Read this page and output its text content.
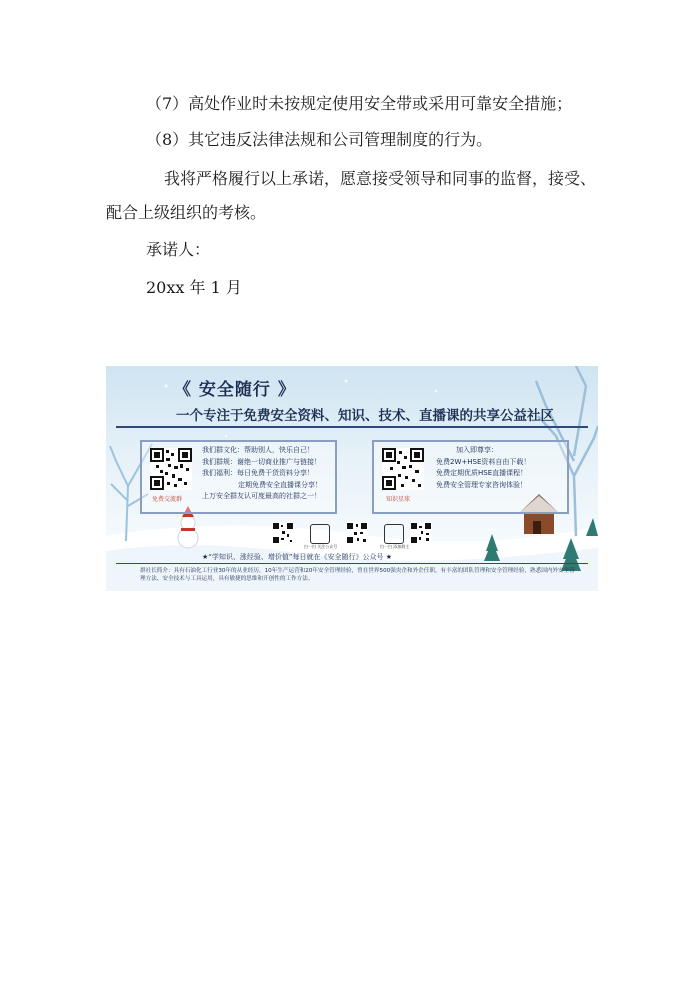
（7）高处作业时未按规定使用安全带或采用可靠安全措施；
（8）其它违反法律法规和公司管理制度的行为。
我将严格履行以上承诺，愿意接受领导和同事的监督，接受、
配合上级组织的考核。
承诺人：
20xx 年 1 月
《 安全随行 》
一个专注于免费安全资料、知识、技术、直播课的共享公益社区
免费交流群
我们群文化：帮助别人，快乐自己！
我们群规：谢绝一切商业推广与链接！
我们福利：每日免费干货资料分享！
定期免费安全直播课分享！
上万安全群友认可度最高的社群之一！	知识星球
加入即尊享：
免费2W+HSE资料自由下载！
免费定期优质HSE直播课程！
免费安全管理专家咨询体验！
扫一扫 关注公众号	扫一扫 添加群主
★“学知识、涨经验、增价值”每日就在《安全随行》公众号 ★
群社长简介：具有石油化工行业30年的从业经历，10年生产运营和20年安全管理经验，曾在世界500强央企和外企任职，有丰富的团队管理和安全管理经验，熟悉国内外安全管理方法、安全技术与工具运用，具有敏捷的思维和开创性的工作方法。
